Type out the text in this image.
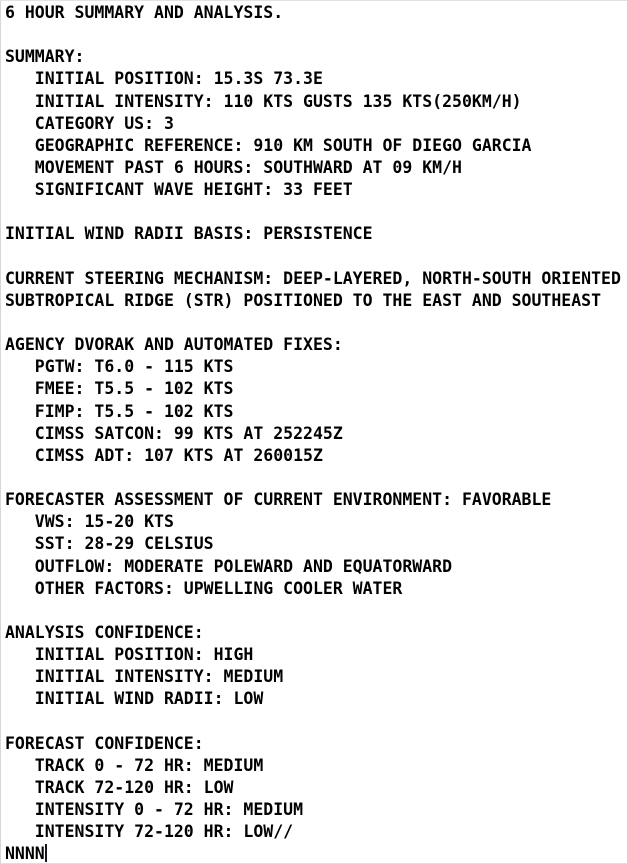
6 HOUR SUMMARY AND ANALYSIS.
SUMMARY:
INITIAL POSITION: 15.3S 73.3E
INITIAL INTENSITY: 110 KTS GUSTS 135 KTS(250KM/H)
CATEGORY US: 3
GEOGRAPHIC REFERENCE: 910 KM SOUTH OF DIEGO GARCIA
MOVEMENT PAST 6 HOURS: SOUTHWARD AT 09 KM/H
SIGNIFICANT WAVE HEIGHT: 33 FEET
INITIAL WIND RADII BASIS: PERSISTENCE
CURRENT STEERING MECHANISM: DEEP-LAYERED, NORTH-SOUTH ORIENTED
SUBTROPICAL RIDGE (STR) POSITIONED TO THE EAST AND SOUTHEAST
AGENCY DVORAK AND AUTOMATED FIXES:
PGTW: T6.0 - 115 KTS
FMEE: T5.5 - 102 KTS
FIMP: T5.5 - 102 KTS
CIMSS SATCON: 99 KTS AT 252245Z
CIMSS ADT: 107 KTS AT 260015Z
FORECASTER ASSESSMENT OF CURRENT ENVIRONMENT: FAVORABLE
VWS: 15-20 KTS
SST: 28-29 CELSIUS
OUTFLOW: MODERATE POLEWARD AND EQUATORWARD
OTHER FACTORS: UPWELLING COOLER WATER
ANALYSIS CONFIDENCE:
INITIAL POSITION: HIGH
INITIAL INTENSITY: MEDIUM
INITIAL WIND RADII: LOW
FORECAST CONFIDENCE:
TRACK 0 - 72 HR: MEDIUM
TRACK 72-120 HR: LOW
INTENSITY 0 - 72 HR: MEDIUM
INTENSITY 72-120 HR: LOW//
NNNN
